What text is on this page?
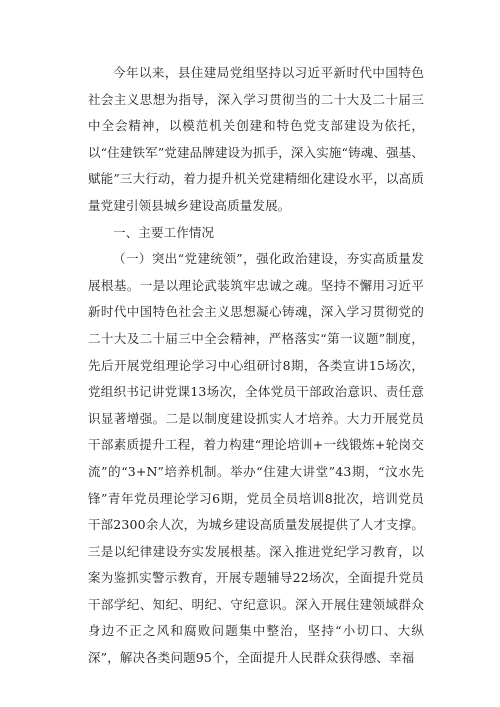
今年以来，县住建局党组坚持以习近平新时代中国特色社会主义思想为指导，深入学习贯彻当的二十大及二十届三中全会精神，以模范机关创建和特色党支部建设为依托，以“住建铁军”党建品牌建设为抓手，深入实施“铸魂、强基、赋能”三大行动，着力提升机关党建精细化建设水平，以高质量党建引领县城乡建设高质量发展。

一、主要工作情况

（一）突出“党建统领”，强化政治建设，夯实高质量发展根基。一是以理论武装筑牢忠诚之魂。坚持不懈用习近平新时代中国特色社会主义思想凝心铸魂，深入学习贯彻党的二十大及二十届三中全会精神，严格落实“第一议题”制度，先后开展党组理论学习中心组研讨8期，各类宣讲15场次，党组织书记讲党课13场次，全体党员干部政治意识、责任意识显著增强。二是以制度建设抓实人才培养。大力开展党员干部素质提升工程，着力构建“理论培训+一线锻炼+轮岗交流”的“3+N”培养机制。举办“住建大讲堂”43期，“汶水先锋”青年党员理论学习6期，党员全员培训8批次，培训党员干部2300余人次，为城乡建设高质量发展提供了人才支撑。三是以纪律建设夯实发展根基。深入推进党纪学习教育，以案为鉴抓实警示教育，开展专题辅导22场次，全面提升党员干部学纪、知纪、明纪、守纪意识。深入开展住建领域群众身边不正之风和腐败问题集中整治，坚持“小切口、大纵深”，解决各类问题95个，全面提升人民群众获得感、幸福
